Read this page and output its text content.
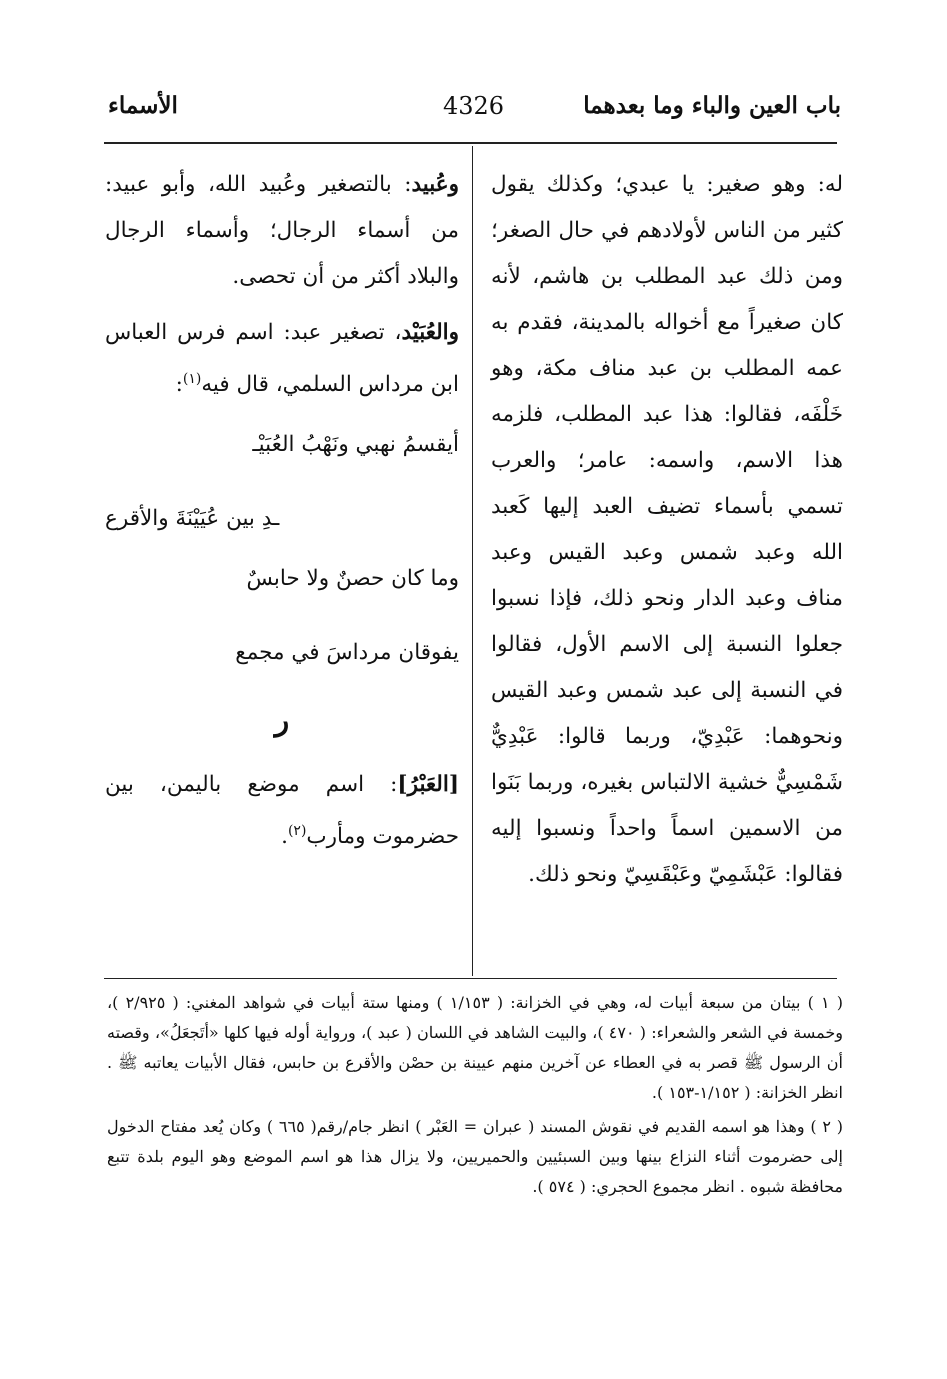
باب العين والباء وما بعدهما
4326
الأسماء

له: وهو صغير: يا عبدي؛ وكذلك يقول كثير من الناس لأولادهم في حال الصغر؛ ومن ذلك عبد المطلب بن هاشم، لأنه كان صغيراً مع أخواله بالمدينة، فقدم به عمه المطلب بن عبد مناف مكة، وهو خَلْفَه، فقالوا: هذا عبد المطلب، فلزمه هذا الاسم، واسمه: عامر؛ والعرب تسمي بأسماء تضيف العبد إليها كَعبد الله وعبد شمس وعبد القيس وعبد مناف وعبد الدار ونحو ذلك، فإذا نسبوا جعلوا النسبة إلى الاسم الأول، فقالوا في النسبة إلى عبد شمس وعبد القيس ونحوهما: عَبْدِيّ، وربما قالوا: عَبْدِيٌّ شَمْسِيٌّ خشية الالتباس بغيره، وربما بَنَوا من الاسمين اسماً واحداً ونسبوا إليه فقالوا: عَبْشَمِيّ وعَبْقَسِيّ ونحو ذلك.

وعُبيد: بالتصغير وعُبيد الله، وأبو عبيد: من أسماء الرجال؛ وأسماء الرجال والبلاد أكثر من أن تحصى.

والعُبَيْد، تصغير عبد: اسم فرس العباس ابن مرداس السلمي، قال فيه$^{(١)}$:

أيقسمُ نهبي ونَهْبُ العُبَيْـ
ـدِ بين عُيَيْنَةَ والأقرع
وما كان حصنٌ ولا حابسٌ
يفوقان مرداسَ في مجمع
ر

[العَبْرُ]: اسم موضع باليمن، بين حضرموت ومأرب$^{(٢)}$.

( ١ ) بيتان من سبعة أبيات له، وهي في الخزانة: ( ١/١٥٣ ) ومنها ستة أبيات في شواهد المغني: ( ٢/٩٢٥ )، وخمسة في الشعر والشعراء: ( ٤٧٠ )، والبيت الشاهد في اللسان ( عبد )، ورواية أوله فيها كلها «أتَجعَلُ»، وقصته أن الرسول ﷺ قصر به في العطاء عن آخرين منهم عيينة بن حصْن والأقرع بن حابس، فقال الأبيات يعاتبه ﷺ . انظر الخزانة: ( ١/١٥٢-١٥٣ ).

( ٢ ) وهذا هو اسمه القديم في نقوش المسند ( عبران = العَبْر ) انظر جام/رقم( ٦٦٥ ) وكان يُعد مفتاح الدخول إلى حضرموت أثناء النزاع بينها وبين السبئيين والحميريين، ولا يزال هذا هو اسم الموضع وهو اليوم بلدة تتبع محافظة شبوه . انظر مجموع الحجري: ( ٥٧٤ ).
